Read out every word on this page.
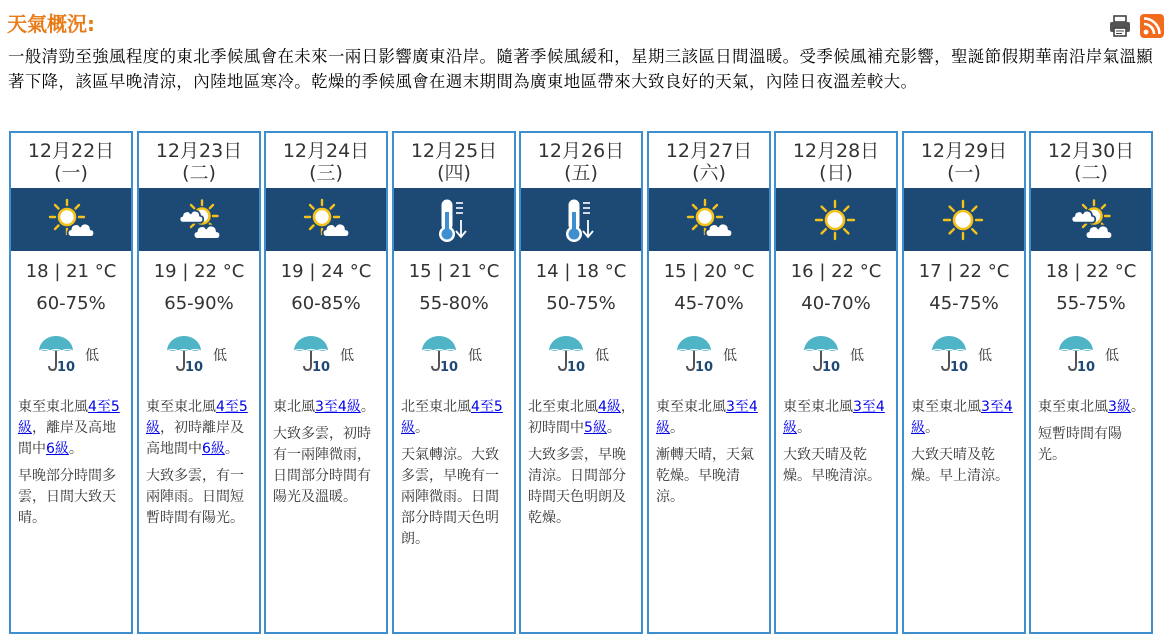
天氣概況:
一般清勁至強風程度的東北季候風會在未來一兩日影響廣東沿岸。隨著季候風緩和，星期三該區日間溫暖。受季候風補充影響，聖誕節假期華南沿岸氣溫顯著下降，該區早晚清涼，內陸地區寒冷。乾燥的季候風會在週末期間為廣東地區帶來大致良好的天氣，內陸日夜溫差較大。
12月22日
(一)
18 | 21 °C
60-75%
10
低
東至東北風4至5級，離岸及高地間中6級。
早晚部分時間多雲，日間大致天晴。
12月23日
(二)
19 | 22 °C
65-90%
10
低
東至東北風4至5級，初時離岸及高地間中6級。
大致多雲，有一兩陣雨。日間短暫時間有陽光。
12月24日
(三)
19 | 24 °C
60-85%
10
低
東北風3至4級。
大致多雲，初時有一兩陣微雨，日間部分時間有陽光及溫暖。
12月25日
(四)
15 | 21 °C
55-80%
10
低
北至東北風4至5級。
天氣轉涼。大致多雲，早晚有一兩陣微雨。日間部分時間天色明朗。
12月26日
(五)
14 | 18 °C
50-75%
10
低
北至東北風4級，初時間中5級。
大致多雲，早晚清涼。日間部分時間天色明朗及乾燥。
12月27日
(六)
15 | 20 °C
45-70%
10
低
東至東北風3至4級。
漸轉天晴，天氣乾燥。早晚清涼。
12月28日
(日)
16 | 22 °C
40-70%
10
低
東至東北風3至4級。
大致天晴及乾燥。早晚清涼。
12月29日
(一)
17 | 22 °C
45-75%
10
低
東至東北風3至4級。
大致天晴及乾燥。早上清涼。
12月30日
(二)
18 | 22 °C
55-75%
10
低
東至東北風3級。
短暫時間有陽光。
